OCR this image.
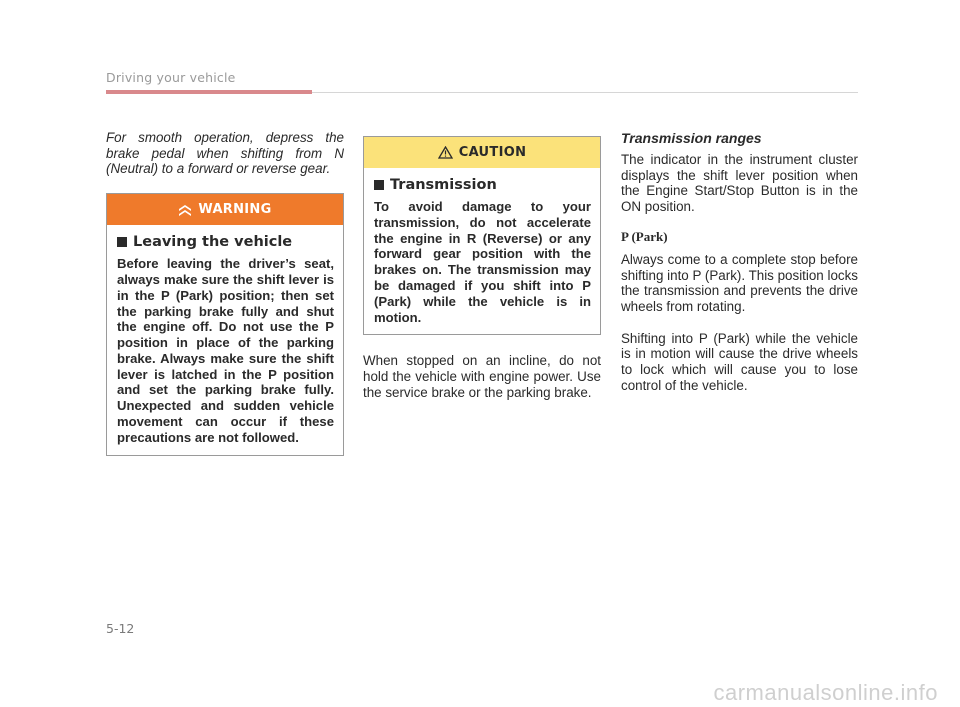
Driving your vehicle

For smooth operation, depress the brake pedal when shifting from N (Neutral) to a forward or reverse gear.

WARNING

Leaving the vehicle

Before leaving the driver’s seat, always make sure the shift lever is in the P (Park) position; then set the parking brake fully and shut the engine off. Do not use the P position in place of the parking brake. Always make sure the shift lever is latched in the P position and set the parking brake fully. Unexpected and sudden vehicle movement can occur if these precautions are not followed.

CAUTION

Transmission

To avoid damage to your transmission, do not accelerate the engine in R (Reverse) or any forward gear position with the brakes on. The transmission may be damaged if you shift into P (Park) while the vehicle is in motion.

When stopped on an incline, do not hold the vehicle with engine power. Use the service brake or the parking brake.

Transmission ranges

The indicator in the instrument cluster displays the shift lever position when the Engine Start/Stop Button is in the ON position.

P (Park)

Always come to a complete stop before shifting into P (Park). This position locks the transmission and prevents the drive wheels from rotating.

Shifting into P (Park) while the vehicle is in motion will cause the drive wheels to lock which will cause you to lose control of the vehicle.

5-12
carmanualsonline.info
